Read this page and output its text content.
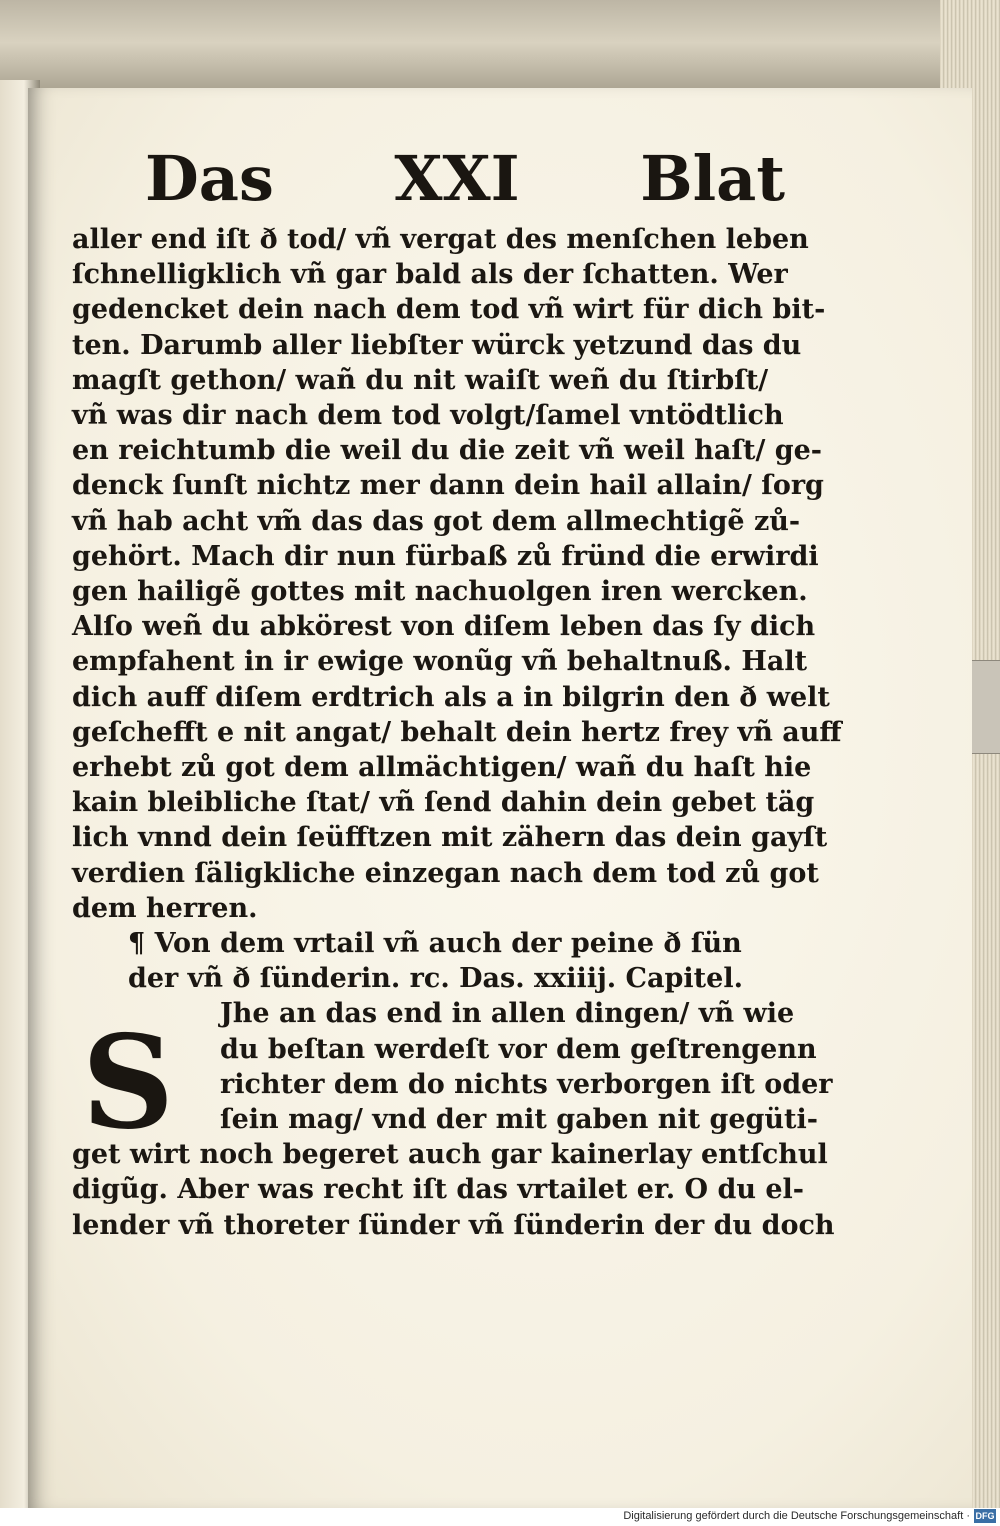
Das XXI Blat
aller end iſt ð tod/ vñ vergat des menſchen leben
ſchnelligklich vñ gar bald als der ſchatten. Wer
gedencket dein nach dem tod vñ wirt für dich bit-
ten. Darumb aller liebſter würck yetzund das du
magſt gethon/ wañ du nit waiſt weñ du ſtirbſt/
vñ was dir nach dem tod volgt/ſamel vntödtlich
en reichtumb die weil du die zeit vñ weil haſt/ ge-
denck ſunſt nichtz mer dann dein hail allain/ ſorg
vñ hab acht vm̃ das das got dem allmechtigẽ zů-
gehört. Mach dir nun fürbaß zů fründ die erwirdi
gen hailigẽ gottes mit nachuolgen iren wercken.
Alſo weñ du abkörest von diſem leben das ſy dich
empfahent in ir ewige wonũg vñ behaltnuß. Halt
dich auff diſem erdtrich als a in bilgrin den ð welt
geſchefft e nit angat/ behalt dein hertz frey vñ auff
erhebt zů got dem allmächtigen/ wañ du haſt hie
kain bleibliche ſtat/ vñ ſend dahin dein gebet täg
lich vnnd dein ſeüfftzen mit zähern das dein gayſt
verdien ſäligkliche einzegan nach dem tod zů got
dem herren.
¶ Von dem vrtail vñ auch der peine ð ſün
der vñ ð ſünderin. rc. Das. xxiiij. Capitel.
Jhe an das end in allen dingen/ vñ wie
du beſtan werdeſt vor dem geſtrengenn
richter dem do nichts verborgen iſt oder
ſein mag/ vnd der mit gaben nit gegüti-
get wirt noch begeret auch gar kainerlay entſchul
digũg. Aber was recht iſt das vrtailet er. O du el-
lender vñ thoreter ſünder vñ ſünderin der du doch
S
Digitalisierung gefördert durch die Deutsche Forschungsgemeinschaft · DFG
